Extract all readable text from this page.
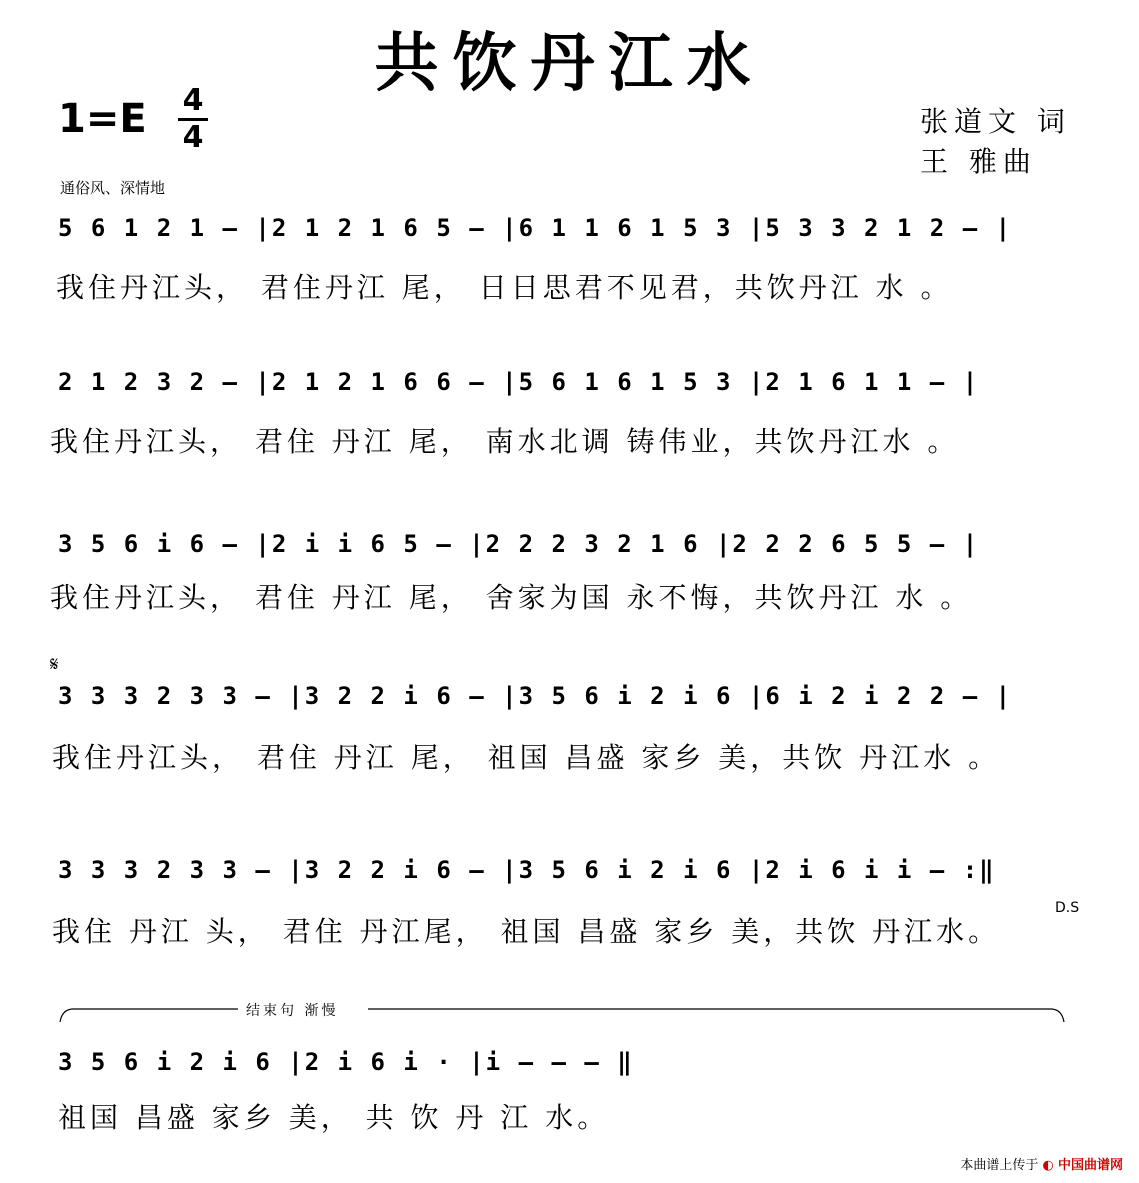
共饮丹江水
1=E 4
4	张道文 词
王 雅曲
通俗风、深情地
5 6 1 2 1 – |2 1 2 1 6 5 – |6 1 1 6 1 5 3 |5 3 3 2 1 2 – |
我住丹江头， 君住丹江 尾， 日日思君不见君，共饮丹江 水 。
2 1 2 3 2 – |2 1 2 1 6 6 – |5 6 1 6 1 5 3 |2 1 6 1 1 – |
我住丹江头， 君住 丹江 尾， 南水北调 铸伟业，共饮丹江水 。
3 5 6 i 6 – |2 i i 6 5 – |2 2 2 3 2 1 6 |2 2 2 6 5 5 – |
我住丹江头， 君住 丹江 尾， 舍家为国 永不悔，共饮丹江 水 。
𝄋
3 3 3 2 3 3 – |3 2 2 i 6 – |3 5 6 i 2 i 6 |6 i 2 i 2 2 – |
我住丹江头， 君住 丹江 尾， 祖国 昌盛 家乡 美，共饮 丹江水 。
3 3 3 2 3 3 – |3 2 2 i 6 – |3 5 6 i 2 i 6 |2 i 6 i i – :‖
D.S
我住 丹江 头， 君住 丹江尾， 祖国 昌盛 家乡 美，共饮 丹江水。
结束句 渐慢
3 5 6 i 2 i 6 |2 i 6 i · |i – – – ‖
祖国 昌盛 家乡 美， 共 饮 丹 江 水。
本曲谱上传于 ◐ 中国曲谱网
